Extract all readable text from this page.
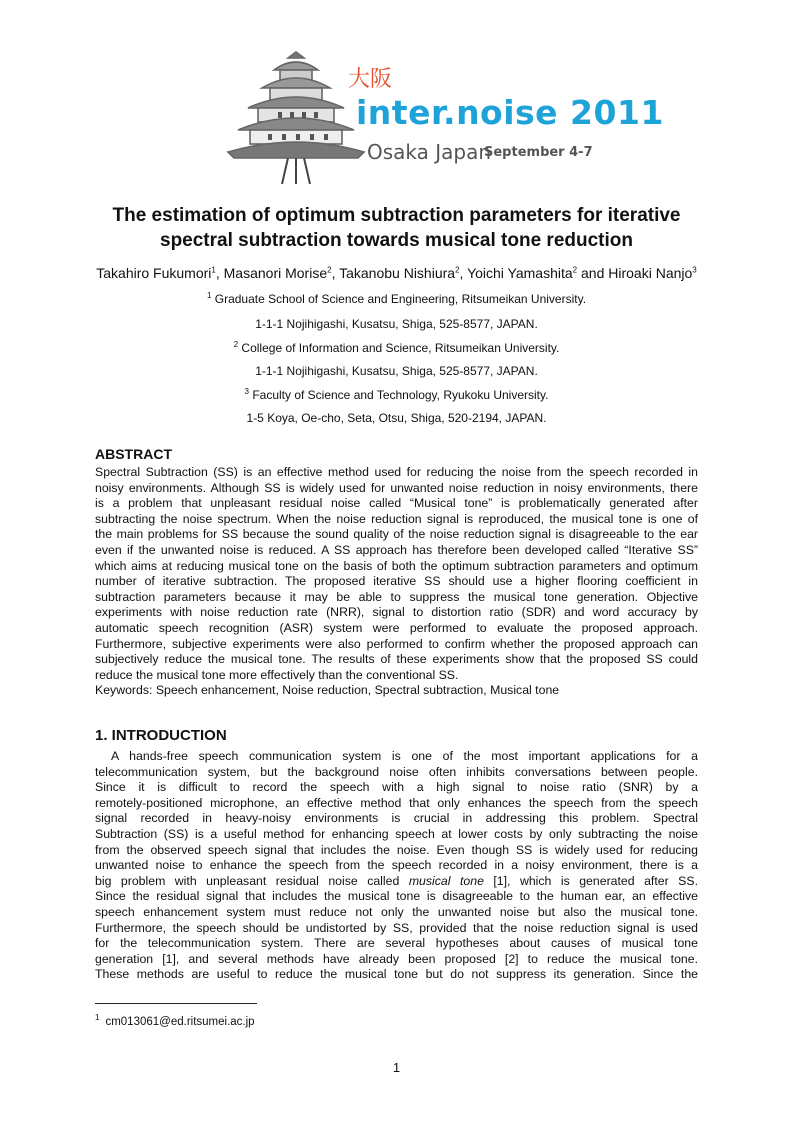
大阪
inter.noise 2011
Osaka Japan
September 4-7
The estimation of optimum subtraction parameters for iterative
spectral subtraction towards musical tone reduction
Takahiro Fukumori$^1$, Masanori Morise$^2$, Takanobu Nishiura$^2$, Yoichi Yamashita$^2$ and Hiroaki Nanjo$^3$
$^1$ Graduate School of Science and Engineering, Ritsumeikan University.
1-1-1 Nojihigashi, Kusatsu, Shiga, 525-8577, JAPAN.
$^2$ College of Information and Science, Ritsumeikan University.
1-1-1 Nojihigashi, Kusatsu, Shiga, 525-8577, JAPAN.
$^3$ Faculty of Science and Technology, Ryukoku University.
1-5 Koya, Oe-cho, Seta, Otsu, Shiga, 520-2194, JAPAN.
ABSTRACT
Spectral Subtraction (SS) is an effective method used for reducing the noise from the speech recorded in
noisy environments. Although SS is widely used for unwanted noise reduction in noisy environments, there
is a problem that unpleasant residual noise called “Musical tone” is problematically generated after
subtracting the noise spectrum. When the noise reduction signal is reproduced, the musical tone is one of
the main problems for SS because the sound quality of the noise reduction signal is disagreeable to the ear
even if the unwanted noise is reduced. A SS approach has therefore been developed called “Iterative SS”
which aims at reducing musical tone on the basis of both the optimum subtraction parameters and optimum
number of iterative subtraction. The proposed iterative SS should use a higher flooring coefficient in
subtraction parameters because it may be able to suppress the musical tone generation. Objective
experiments with noise reduction rate (NRR), signal to distortion ratio (SDR) and word accuracy by
automatic speech recognition (ASR) system were performed to evaluate the proposed approach.
Furthermore, subjective experiments were also performed to confirm whether the proposed approach can
subjectively reduce the musical tone. The results of these experiments show that the proposed SS could
reduce the musical tone more effectively than the conventional SS.
Keywords: Speech enhancement, Noise reduction, Spectral subtraction, Musical tone
1. INTRODUCTION
A hands-free speech communication system is one of the most important applications for a
telecommunication system, but the background noise often inhibits conversations between people.
Since it is difficult to record the speech with a high signal to noise ratio (SNR) by a
remotely-positioned microphone, an effective method that only enhances the speech from the speech
signal recorded in heavy-noisy environments is crucial in addressing this problem. Spectral
Subtraction (SS) is a useful method for enhancing speech at lower costs by only subtracting the noise
from the observed speech signal that includes the noise. Even though SS is widely used for reducing
unwanted noise to enhance the speech from the speech recorded in a noisy environment, there is a
big problem with unpleasant residual noise called musical tone [1], which is generated after SS.
Since the residual signal that includes the musical tone is disagreeable to the human ear, an effective
speech enhancement system must reduce not only the unwanted noise but also the musical tone.
Furthermore, the speech should be undistorted by SS, provided that the noise reduction signal is used
for the telecommunication system. There are several hypotheses about causes of musical tone
generation [1], and several methods have already been proposed [2] to reduce the musical tone.
These methods are useful to reduce the musical tone but do not suppress its generation. Since the
$^1$ cm013061@ed.ritsumei.ac.jp
1
